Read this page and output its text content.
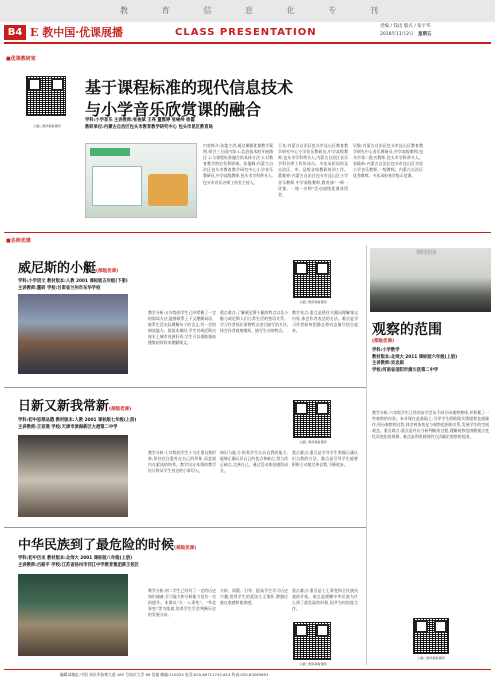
教	育	信	息	化	专	刊
B4 E 教中国·优课展播	CLASS PRESENTATION
责编 / 钱迅 版式 / 张宇华
2018年11月2日 星期五
■优课教研室
扫描二维码观看课例
基于课程标准的现代信息技术
与小学音乐欣赏课的融合
学科:小学音乐 主讲教师:张俊斌 王亮 董雅婷 张峻岭 杨霞
教研单位:内蒙古自治区包头市教育教学研究中心 包头市昆区教育局
内容简介:张俊主讲,通过课题优课教学案例,探讨三方面内容:1.信息技术的开展路径 2.与课程标准融合的具体方法 3.对教育教学的启发和影响。张俊峰:内蒙古自治区包头市教育教学研究中心小学音乐教研员,中学高级教师,包头市学科带头人,包头市音乐名师工作室主持人。
王亮:内蒙古自治区包头市昆山区教育教学研究中心小学音乐教研员,中学高级教师,包头市学科带头人,内蒙古自治区音乐学科名师工作坊成员。多次承担国培及自治区、市、县级各级教研培训工作。董雅婷:内蒙古自治区包头市昆山区小学音乐教师,中学高级教师,教育部“一师一优课、一课一名师”活动部级优课获得者。
吴敏:内蒙古自治区包头市昆山区教育教学研究中心音乐教研员,中学高级教师,包头市第二批名教师,包头市学科带头人。张峻岭:内蒙古自治区包头市昆山区实验小学音乐教师,一级教师。内蒙古自治区优秀教师。多次承担省市级示范课。
■名师优课
威尼斯的小艇(部级优课)
学科:小学语文 教材版本:人教 2001 课标版五年级(下册)
主讲教师:董研 学校:甘肃省兰州市东华学校
扫描二维码观看课例
教学分析:五年级的学生已经掌握了一定的阅读方法,能够联系上下文理解词语、联系生活实际理解句子的含义,有一定的朗读能力。阅读本课时,学生对威尼斯这座水上城市充满好奇,学生可以借助课前搜集的资料来理解课文。
重点难点:了解威尼斯小艇的特点以及小艇与威尼斯人们日常生活的密切关系。学习作者抓住事物特点进行描写的方法,体会作者观察细致、描写生动的特点。
教学亮点:重点是抓住关键词理解课文内容,体会作者表达的方法。难点是学习作者如何把静态和动态描写结合起来。
日新又新我常新(部级优课)
学科:初中思想品德 教材版本:人教 2001 课标版七年级(上册)
主讲教师:王家燕 学校:天津市滨海新区大港第二中学
扫描二维码观看课例
教学分析:七年级的学生十分注重自我形象,但往往注重外在自己的形象,而忽视内在素质的培养。教学设计本课的教学设计将从学生身边的小事切入。
知识与能力:培养学生认识自我的能力,能够正确认识自己的优点和缺点,努力改正缺点,完善自己。通过活动体验感悟成长。
重点难点:重点是引导学生掌握正确认识自我的方法。难点是引导学生能够积极主动地完善自我,不断进步。
中华民族到了最危险的时候(部级优课)
学科:初中历史 教材版本:北师大 2001 课标版八年级(上册)
主讲教师:吕路平 学校:江苏省扬州市邗江中学教育集团蒋王校区
扫描二维码观看课例
教学分析:初二学生已经有了一定的历史知识储备,学习能力和分析能力也有一定的提升。本课以“九一八事变”、“华北事变”等为线索,培养学生学会判断历史的发展方向。
分析、质疑、引导、提高学生学习历史兴趣,培养学生的爱国主义情怀,增强民族自豪感和使命感。
重点难点:重点是七七事变和全民族抗战的开始。难点是理解中华民族为什么到了最危险的时候,国共为何再度合作。
观的范围
观察的范围
(部级优课)
学科:小学数学
教材版本:北师大 2011 课标版六年级(上册)
主讲教师:吴忠娟
学校:河南省信阳市潢川县第二中学
教学分析:六年级学生已经初步学会从不同方向观察物体,并积累了一些观察的经验。本节课在此基础上,引导学生借助现实情境和直观操作,经历观察的过程,体会视角变化与观察范围的关系,发展学生的空间观念。重点难点:重点是经历分析判断的过程,理解观察范围随视点变化而变化的规律。难点是利用画图的方法确定观察的范围。
扫描二维码观看课例
编辑部地址:中国 南京市仙林大道 163 号南京大学 69 信箱 邮编:210023 电话:025-89711743-614 传真:025-83265891
